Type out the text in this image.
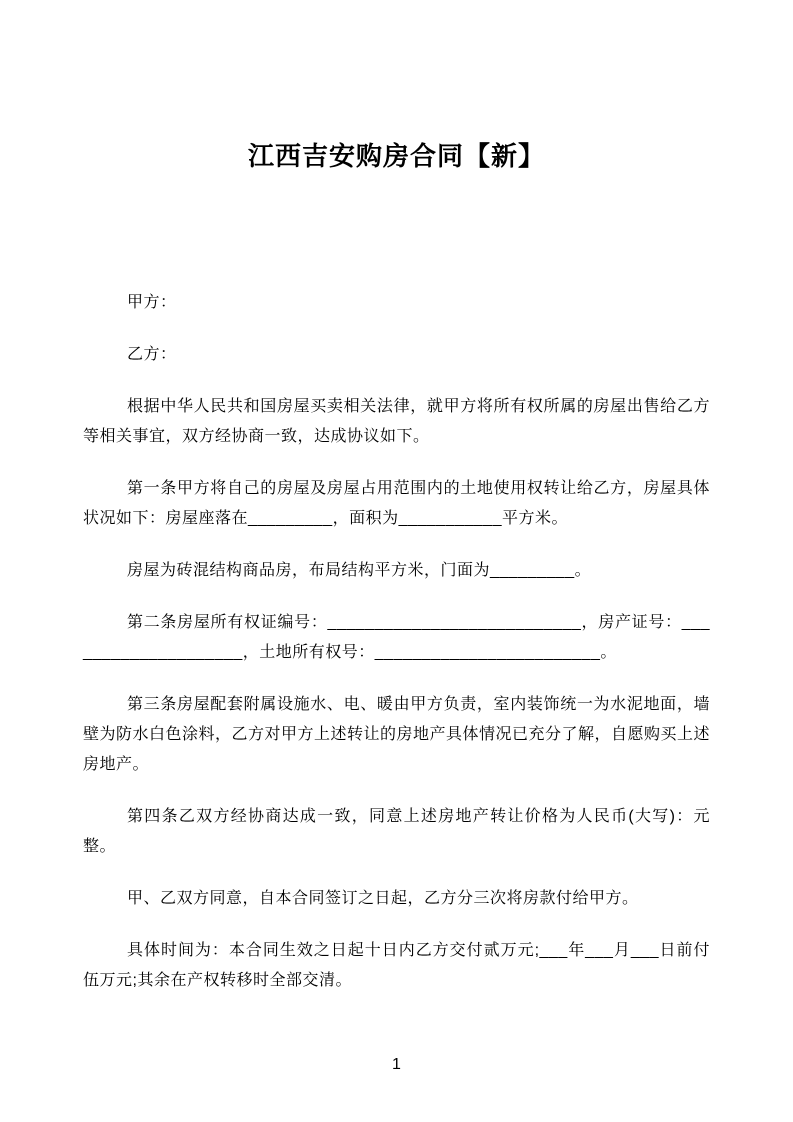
江西吉安购房合同【新】

甲方：

乙方：

根据中华人民共和国房屋买卖相关法律，就甲方将所有权所属的房屋出售给乙方等相关事宜，双方经协商一致，达成协议如下。

第一条甲方将自己的房屋及房屋占用范围内的土地使用权转让给乙方，房屋具体状况如下：房屋座落在_________，面积为___________平方米。

房屋为砖混结构商品房，布局结构平方米，门面为_________。

第二条房屋所有权证编号：___________________________，房产证号：____________________，土地所有权号：________________________。

第三条房屋配套附属设施水、电、暖由甲方负责，室内装饰统一为水泥地面，墙壁为防水白色涂料，乙方对甲方上述转让的房地产具体情况已充分了解，自愿购买上述房地产。

第四条乙双方经协商达成一致，同意上述房地产转让价格为人民币(大写)：元整。

甲、乙双方同意，自本合同签订之日起，乙方分三次将房款付给甲方。

具体时间为：本合同生效之日起十日内乙方交付贰万元;___年___月___日前付伍万元;其余在产权转移时全部交清。

1
